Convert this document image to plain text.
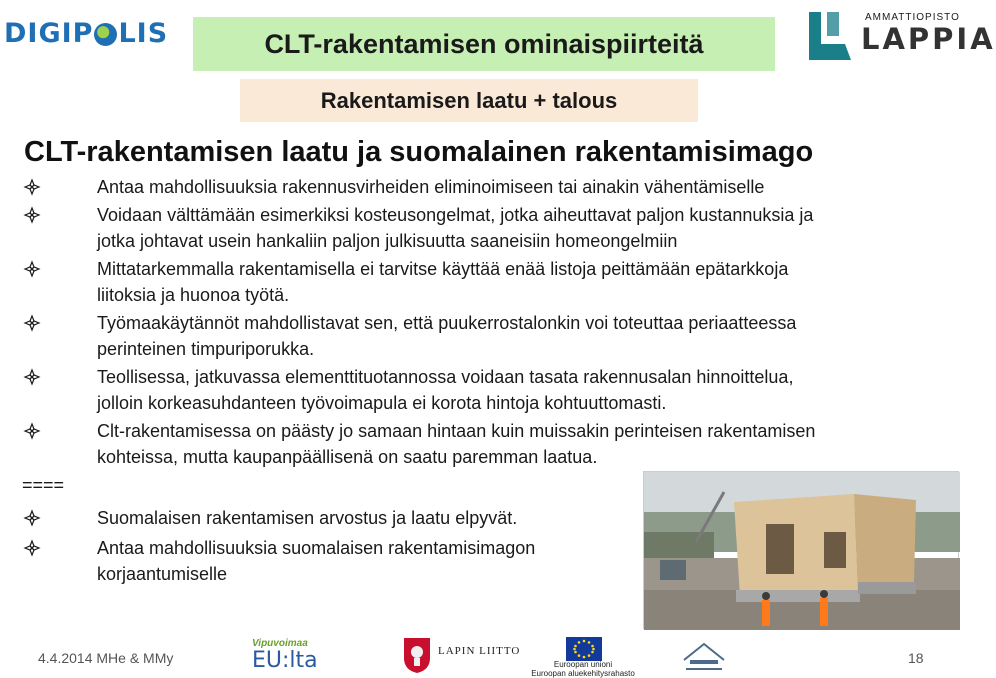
DIGIP LIS	CLT-rakentamisen ominaispiirteitä
Rakentamisen laatu + talous
AMMATTIOPISTO
LAPPIA
CLT-rakentamisen laatu ja suomalainen rakentamisimago
Antaa mahdollisuuksia rakennusvirheiden eliminoimiseen tai ainakin vähentämiselle
Voidaan välttämään esimerkiksi kosteusongelmat, jotka aiheuttavat paljon kustannuksia ja
jotka johtavat usein hankaliin paljon julkisuutta saaneisiin homeongelmiin
Mittatarkemmalla rakentamisella ei tarvitse käyttää enää listoja peittämään epätarkkoja
liitoksia ja huonoa työtä.
Työmaakäytännöt mahdollistavat sen, että puukerrostalonkin voi toteuttaa periaatteessa
perinteinen timpuriporukka.
Teollisessa, jatkuvassa elementtituotannossa voidaan tasata rakennusalan hinnoittelua,
jolloin korkeasuhdanteen työvoimapula ei korota hintoja kohtuuttomasti.
Clt-rakentamisessa on päästy jo samaan hintaan kuin muissakin perinteisen rakentamisen
kohteissa, mutta kaupanpäällisenä on saatu paremman laatua.
====
Suomalaisen rakentamisen arvostus ja laatu elpyvät.
Antaa mahdollisuuksia suomalaisen rakentamisimagon
korjaantumiselle
4.4.2014 MHe & MMy	18
Vipuvoimaa
EU:lta	LAPIN LIITTO
Euroopan unioni
Euroopan aluekehitysrahasto
